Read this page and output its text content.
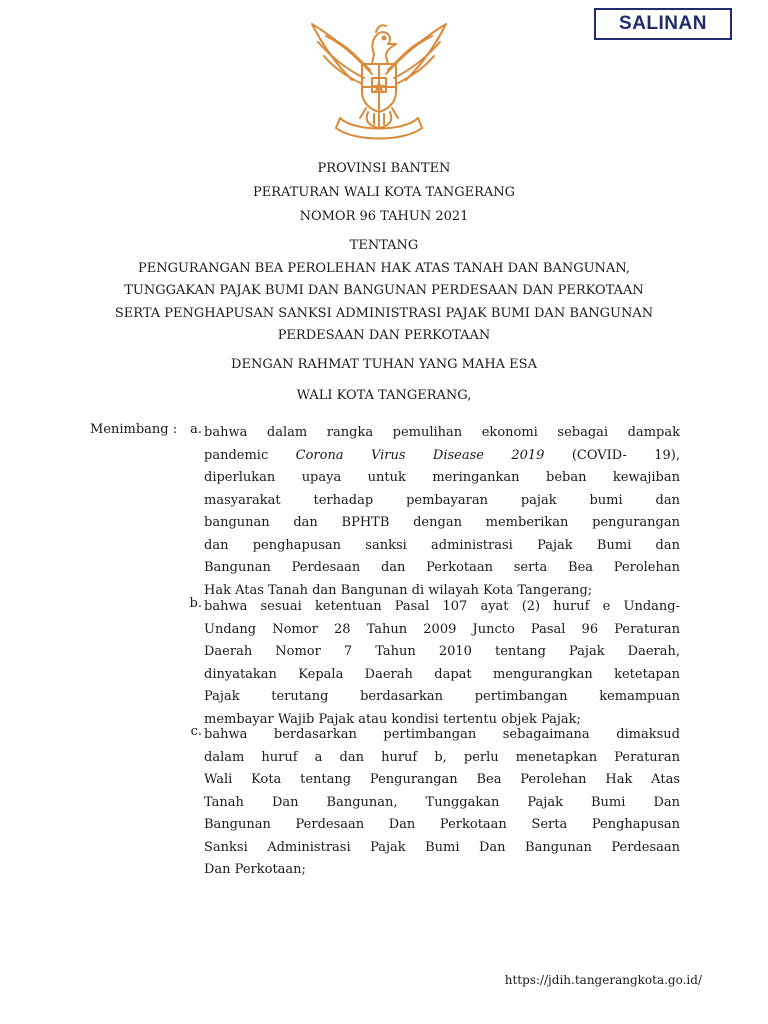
SALINAN
PROVINSI BANTEN
PERATURAN WALI KOTA TANGERANG
NOMOR 96 TAHUN 2021
TENTANG
PENGURANGAN BEA PEROLEHAN HAK ATAS TANAH DAN BANGUNAN,
TUNGGAKAN PAJAK BUMI DAN BANGUNAN PERDESAAN DAN PERKOTAAN
SERTA PENGHAPUSAN SANKSI ADMINISTRASI PAJAK BUMI DAN BANGUNAN
PERDESAAN DAN PERKOTAAN
DENGAN RAHMAT TUHAN YANG MAHA ESA
WALI KOTA TANGERANG,
Menimbang : a. bahwa dalam rangka pemulihan ekonomi sebagai dampak
pandemic Corona Virus Disease 2019 (COVID- 19),
diperlukan upaya untuk meringankan beban kewajiban
masyarakat terhadap pembayaran pajak bumi dan
bangunan dan BPHTB dengan memberikan pengurangan
dan penghapusan sanksi administrasi Pajak Bumi dan
Bangunan Perdesaan dan Perkotaan serta Bea Perolehan
Hak Atas Tanah dan Bangunan di wilayah Kota Tangerang;
b. bahwa sesuai ketentuan Pasal 107 ayat (2) huruf e Undang-
Undang Nomor 28 Tahun 2009 Juncto Pasal 96 Peraturan
Daerah Nomor 7 Tahun 2010 tentang Pajak Daerah,
dinyatakan Kepala Daerah dapat mengurangkan ketetapan
Pajak terutang berdasarkan pertimbangan kemampuan
membayar Wajib Pajak atau kondisi tertentu objek Pajak;
c. bahwa berdasarkan pertimbangan sebagaimana dimaksud
dalam huruf a dan huruf b, perlu menetapkan Peraturan
Wali Kota tentang Pengurangan Bea Perolehan Hak Atas
Tanah Dan Bangunan, Tunggakan Pajak Bumi Dan
Bangunan Perdesaan Dan Perkotaan Serta Penghapusan
Sanksi Administrasi Pajak Bumi Dan Bangunan Perdesaan
Dan Perkotaan;
https://jdih.tangerangkota.go.id/
